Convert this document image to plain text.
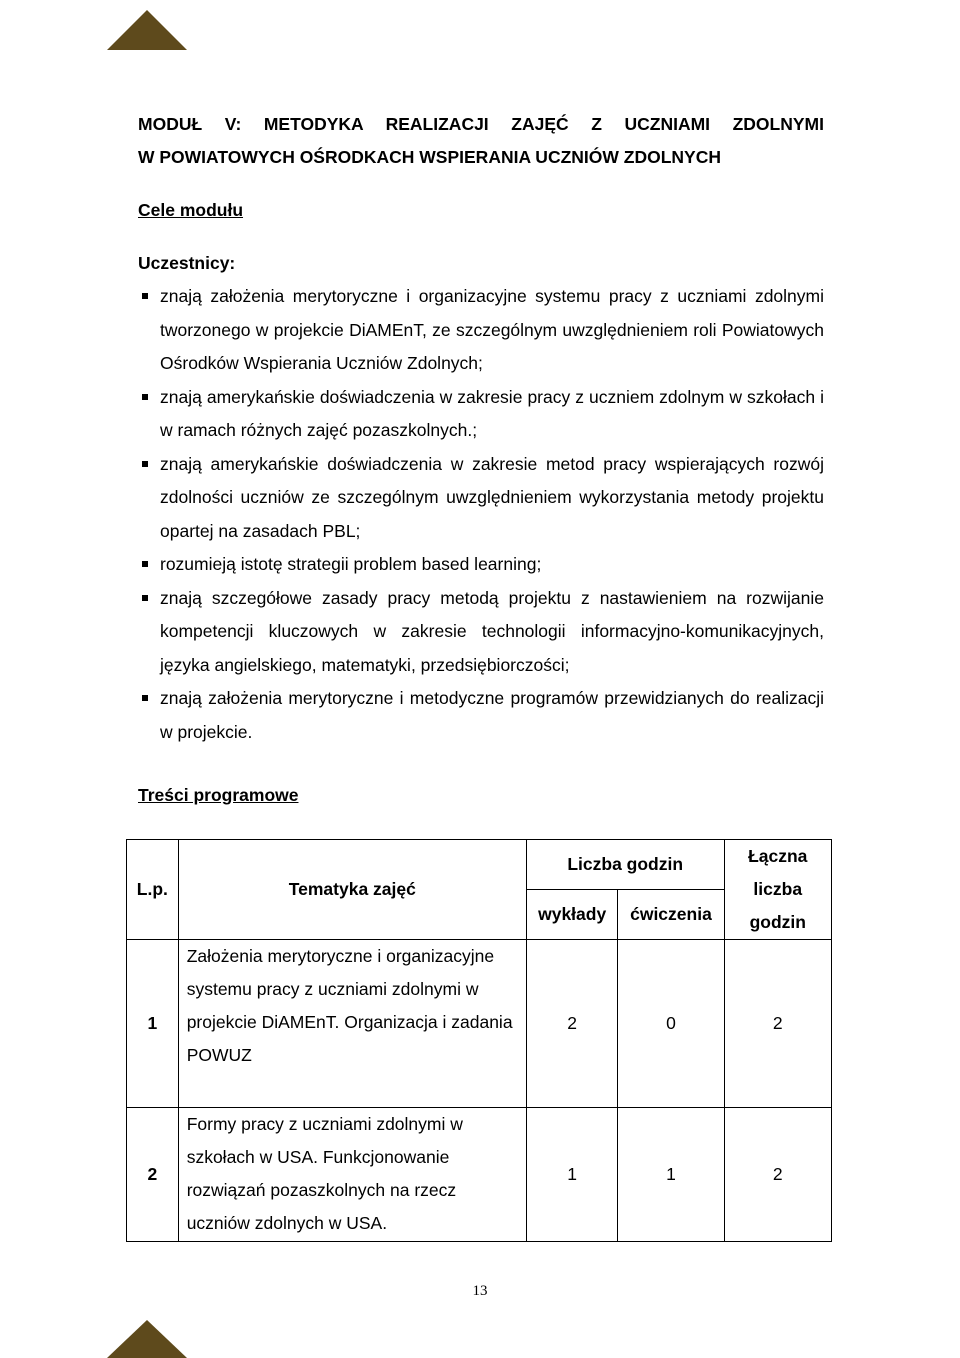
MODUŁ V: METODYKA REALIZACJI ZAJĘĆ Z UCZNIAMI ZDOLNYMI
W POWIATOWYCH OŚRODKACH WSPIERANIA UCZNIÓW ZDOLNYCH
Cele modułu
Uczestnicy:
znają założenia merytoryczne i organizacyjne systemu pracy z uczniami zdolnymi tworzonego w projekcie DiAMEnT, ze szczególnym uwzględnieniem roli Powiatowych Ośrodków Wspierania Uczniów Zdolnych;
znają amerykańskie doświadczenia w zakresie pracy z uczniem zdolnym w szkołach i w ramach różnych zajęć pozaszkolnych.;
znają amerykańskie doświadczenia w zakresie metod pracy wspierających rozwój zdolności uczniów ze szczególnym uwzględnieniem wykorzystania metody projektu opartej na zasadach PBL;
rozumieją istotę strategii problem based learning;
znają szczegółowe zasady pracy metodą projektu z nastawieniem na rozwijanie kompetencji kluczowych w zakresie technologii informacyjno-komunikacyjnych, języka angielskiego, matematyki, przedsiębiorczości;
znają założenia merytoryczne i metodyczne programów przewidzianych do realizacji w projekcie.
Treści programowe
L.p.	Tematyka zajęć	Liczba godzin		Łączna liczba godzin
		wykłady	ćwiczenia	
1	Założenia merytoryczne i organizacyjne systemu pracy z uczniami zdolnymi w projekcie DiAMEnT. Organizacja i zadania POWUZ	2	0	2
2	Formy pracy z uczniami zdolnymi w szkołach w USA. Funkcjonowanie rozwiązań pozaszkolnych na rzecz uczniów zdolnych w USA.	1	1	2
13
